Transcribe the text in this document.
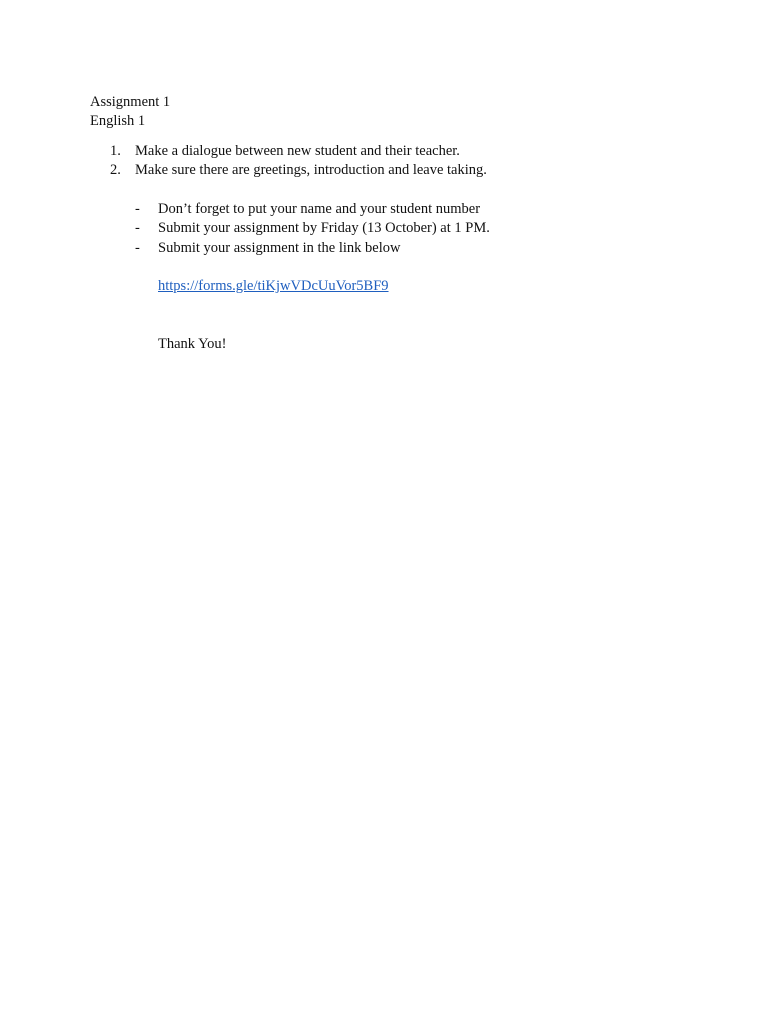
Assignment 1
English 1
1. Make a dialogue between new student and their teacher.
2. Make sure there are greetings, introduction and leave taking.
- Don’t forget to put your name and your student number
- Submit your assignment by Friday (13 October) at 1 PM.
- Submit your assignment in the link below
https://forms.gle/tiKjwVDcUuVor5BF9
Thank You!
